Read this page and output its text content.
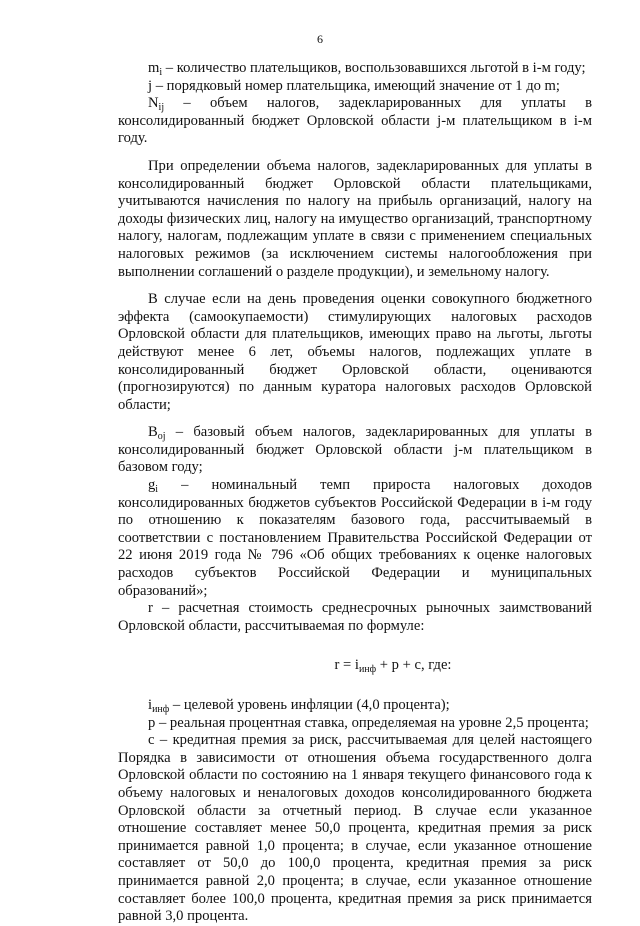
6

$m_i$ – количество плательщиков, воспользовавшихся льготой в i-м году;

j – порядковый номер плательщика, имеющий значение от 1 до m;

$N_{ij}$ – объем налогов, задекларированных для уплаты в консолидированный бюджет Орловской области j-м плательщиком в i-м году.

При определении объема налогов, задекларированных для уплаты в консолидированный бюджет Орловской области плательщиками, учитываются начисления по налогу на прибыль организаций, налогу на доходы физических лиц, налогу на имущество организаций, транспортному налогу, налогам, подлежащим уплате в связи с применением специальных налоговых режимов (за исключением системы налогообложения при выполнении соглашений о разделе продукции), и земельному налогу.

В случае если на день проведения оценки совокупного бюджетного эффекта (самоокупаемости) стимулирующих налоговых расходов Орловской области для плательщиков, имеющих право на льготы, льготы действуют менее 6 лет, объемы налогов, подлежащих уплате в консолидированный бюджет Орловской области, оцениваются (прогнозируются) по данным куратора налоговых расходов Орловской области;

$B_{oj}$ – базовый объем налогов, задекларированных для уплаты в консолидированный бюджет Орловской области j-м плательщиком в базовом году;

$g_i$ – номинальный темп прироста налоговых доходов консолидированных бюджетов субъектов Российской Федерации в i-м году по отношению к показателям базового года, рассчитываемый в соответствии с постановлением Правительства Российской Федерации от 22 июня 2019 года № 796 «Об общих требованиях к оценке налоговых расходов субъектов Российской Федерации и муниципальных образований»;

r – расчетная стоимость среднесрочных рыночных заимствований Орловской области, рассчитываемая по формуле:

$r = i_{инф} + p + c$, где:

$i_{инф}$ – целевой уровень инфляции (4,0 процента);

p – реальная процентная ставка, определяемая на уровне 2,5 процента;

c – кредитная премия за риск, рассчитываемая для целей настоящего Порядка в зависимости от отношения объема государственного долга Орловской области по состоянию на 1 января текущего финансового года к объему налоговых и неналоговых доходов консолидированного бюджета Орловской области за отчетный период. В случае если указанное отношение составляет менее 50,0 процента, кредитная премия за риск принимается равной 1,0 процента; в случае, если указанное отношение составляет от 50,0 до 100,0 процента, кредитная премия за риск принимается равной 2,0 процента; в случае, если указанное отношение составляет более 100,0 процента, кредитная премия за риск принимается равной 3,0 процента.
